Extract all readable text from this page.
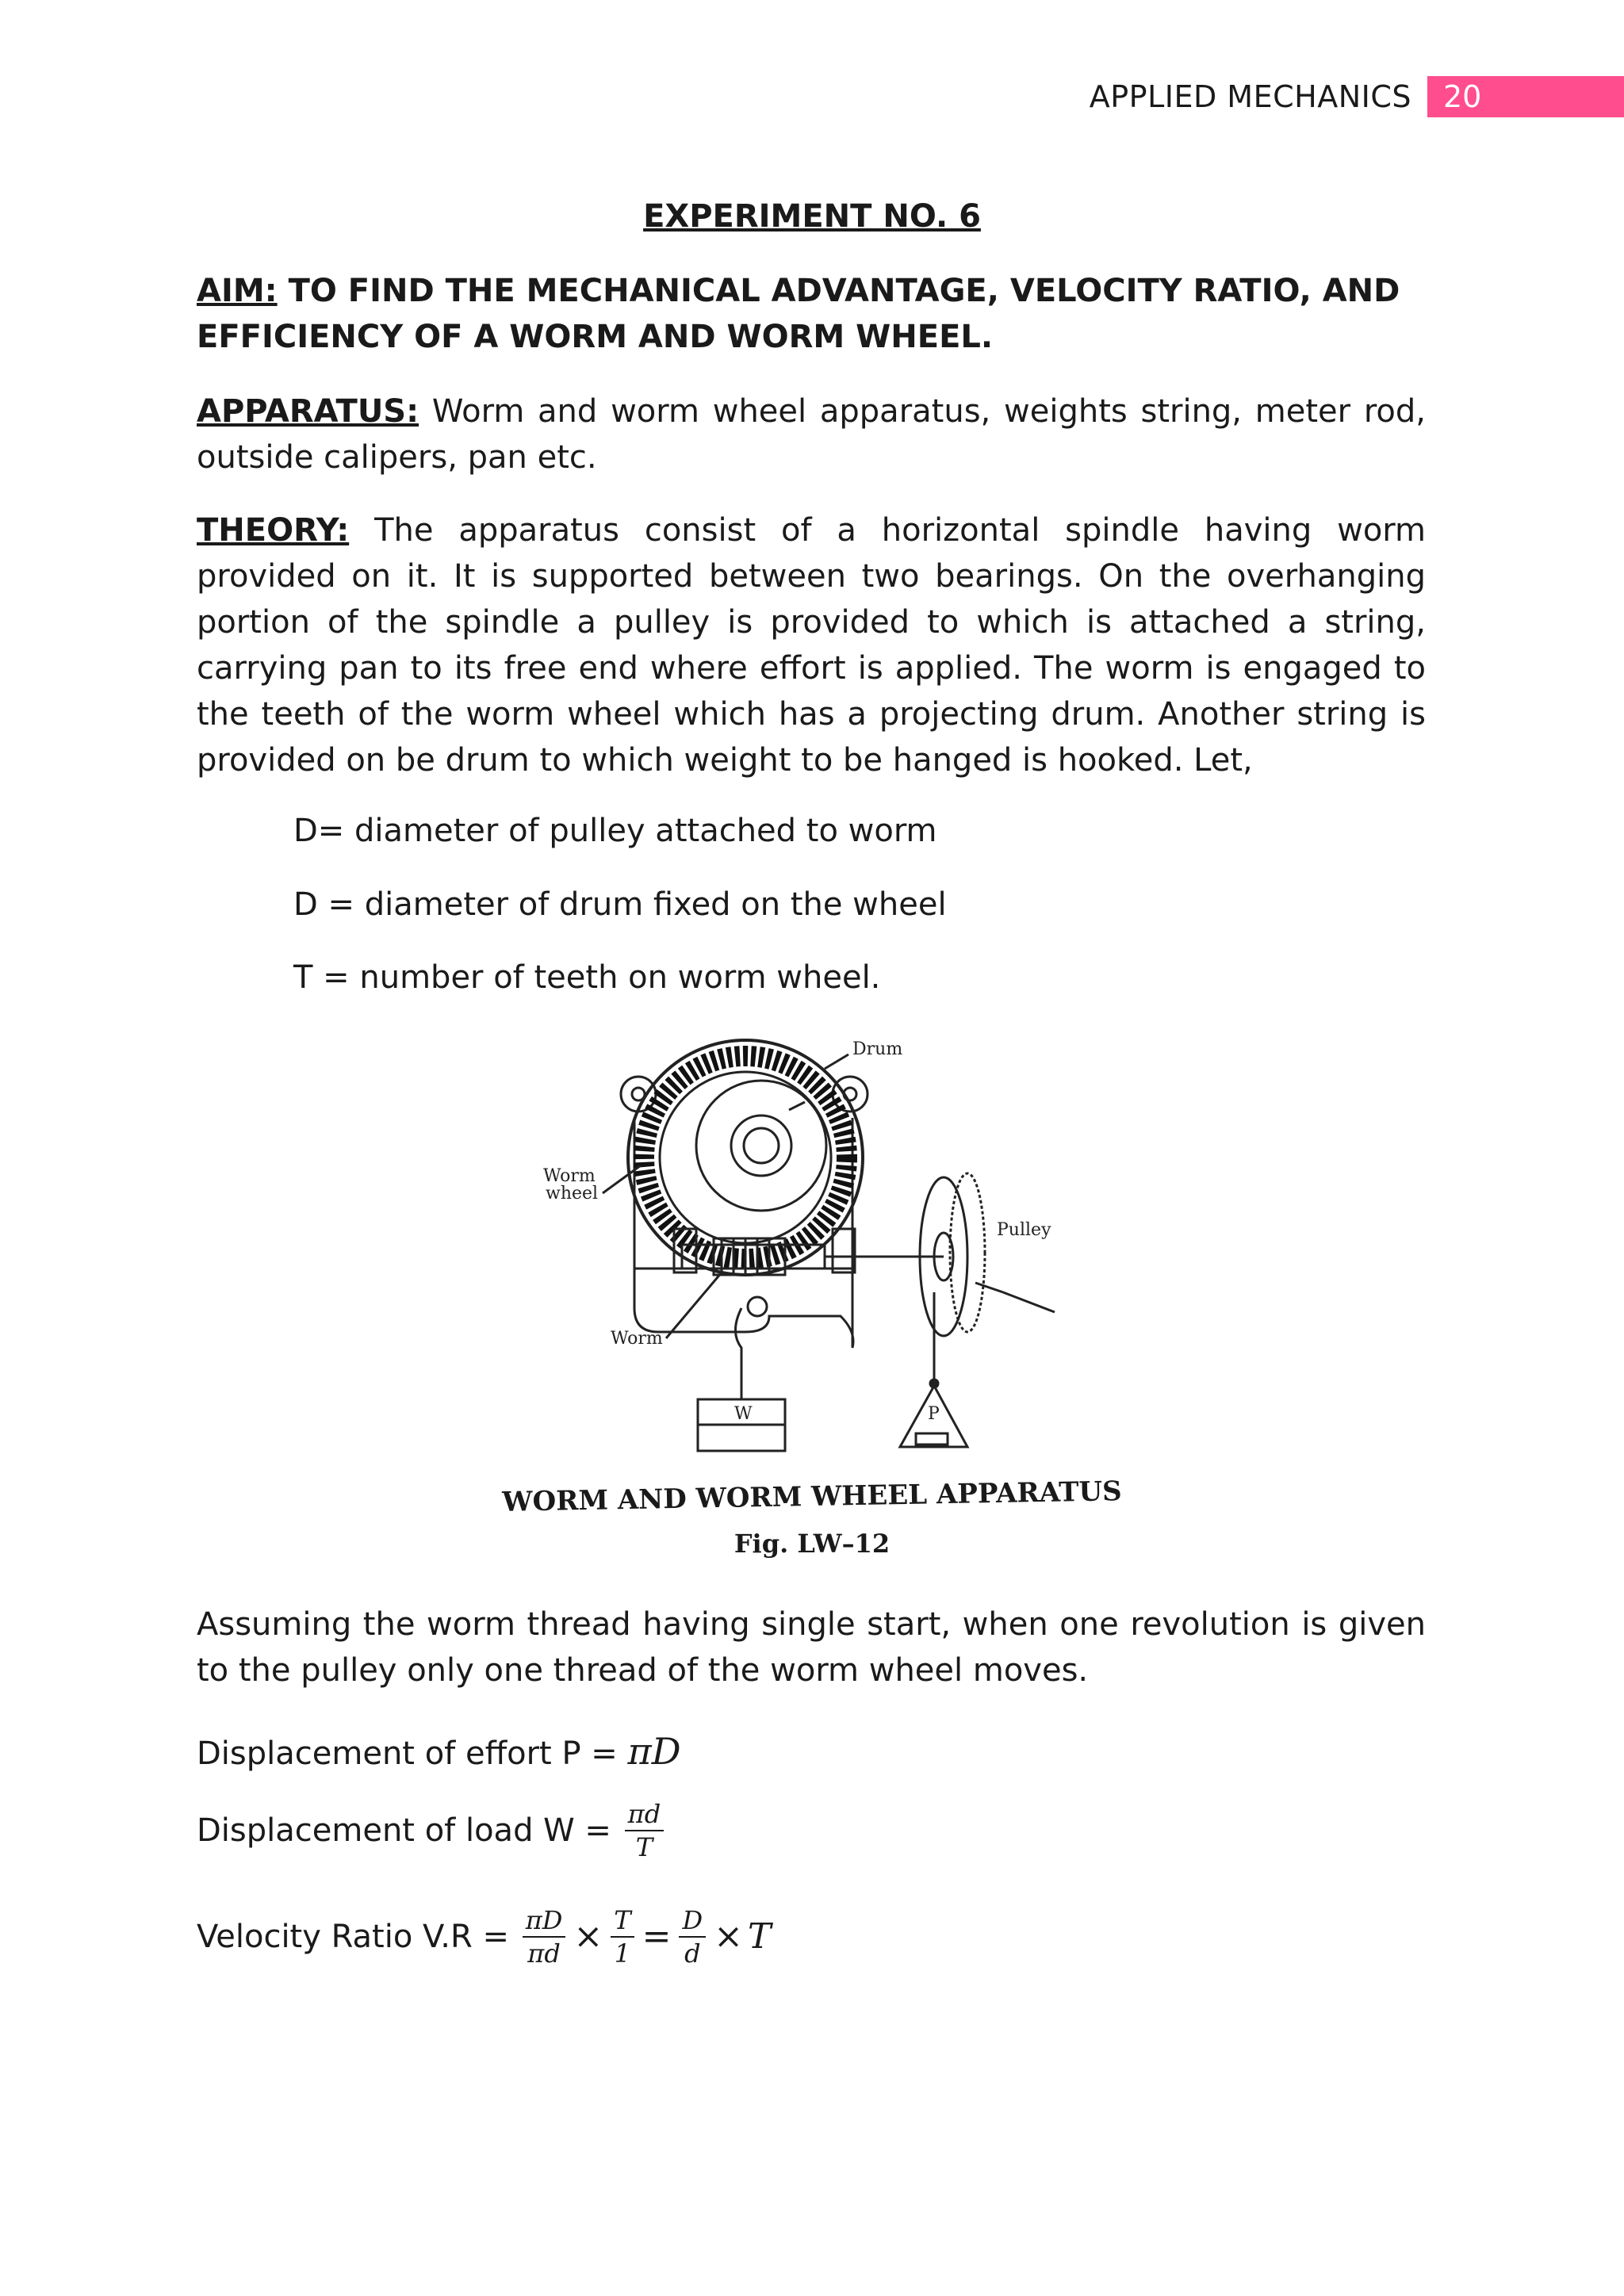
APPLIED MECHANICS 20
EXPERIMENT NO. 6
AIM: TO FIND THE MECHANICAL ADVANTAGE, VELOCITY RATIO, AND
EFFICIENCY OF A WORM AND WORM WHEEL.
APPARATUS: Worm and worm wheel apparatus, weights string, meter rod, outside calipers, pan etc.
THEORY: The apparatus consist of a horizontal spindle having worm provided on it. It is supported between two bearings. On the overhanging portion of the spindle a pulley is provided to which is attached a string, carrying pan to its free end where effort is applied. The worm is engaged to the teeth of the worm wheel which has a projecting drum. Another string is provided on be drum to which weight to be hanged is hooked. Let,
D= diameter of pulley attached to worm
D = diameter of drum fixed on the wheel
T = number of teeth on worm wheel.
Drum
Worm
wheel
Pulley
Worm
W	P
WORM AND WORM WHEEL APPARATUS
Fig. LW–12
Assuming the worm thread having single start, when one revolution is given to the pulley only one thread of the worm wheel moves.
Displacement of effort P = πD
Displacement of load $W = \frac{\pi d}{T}$
Velocity Ratio $V.R = \frac{\pi D}{\pi d} \times \frac{T}{1} = \frac{D}{d} \times T$
